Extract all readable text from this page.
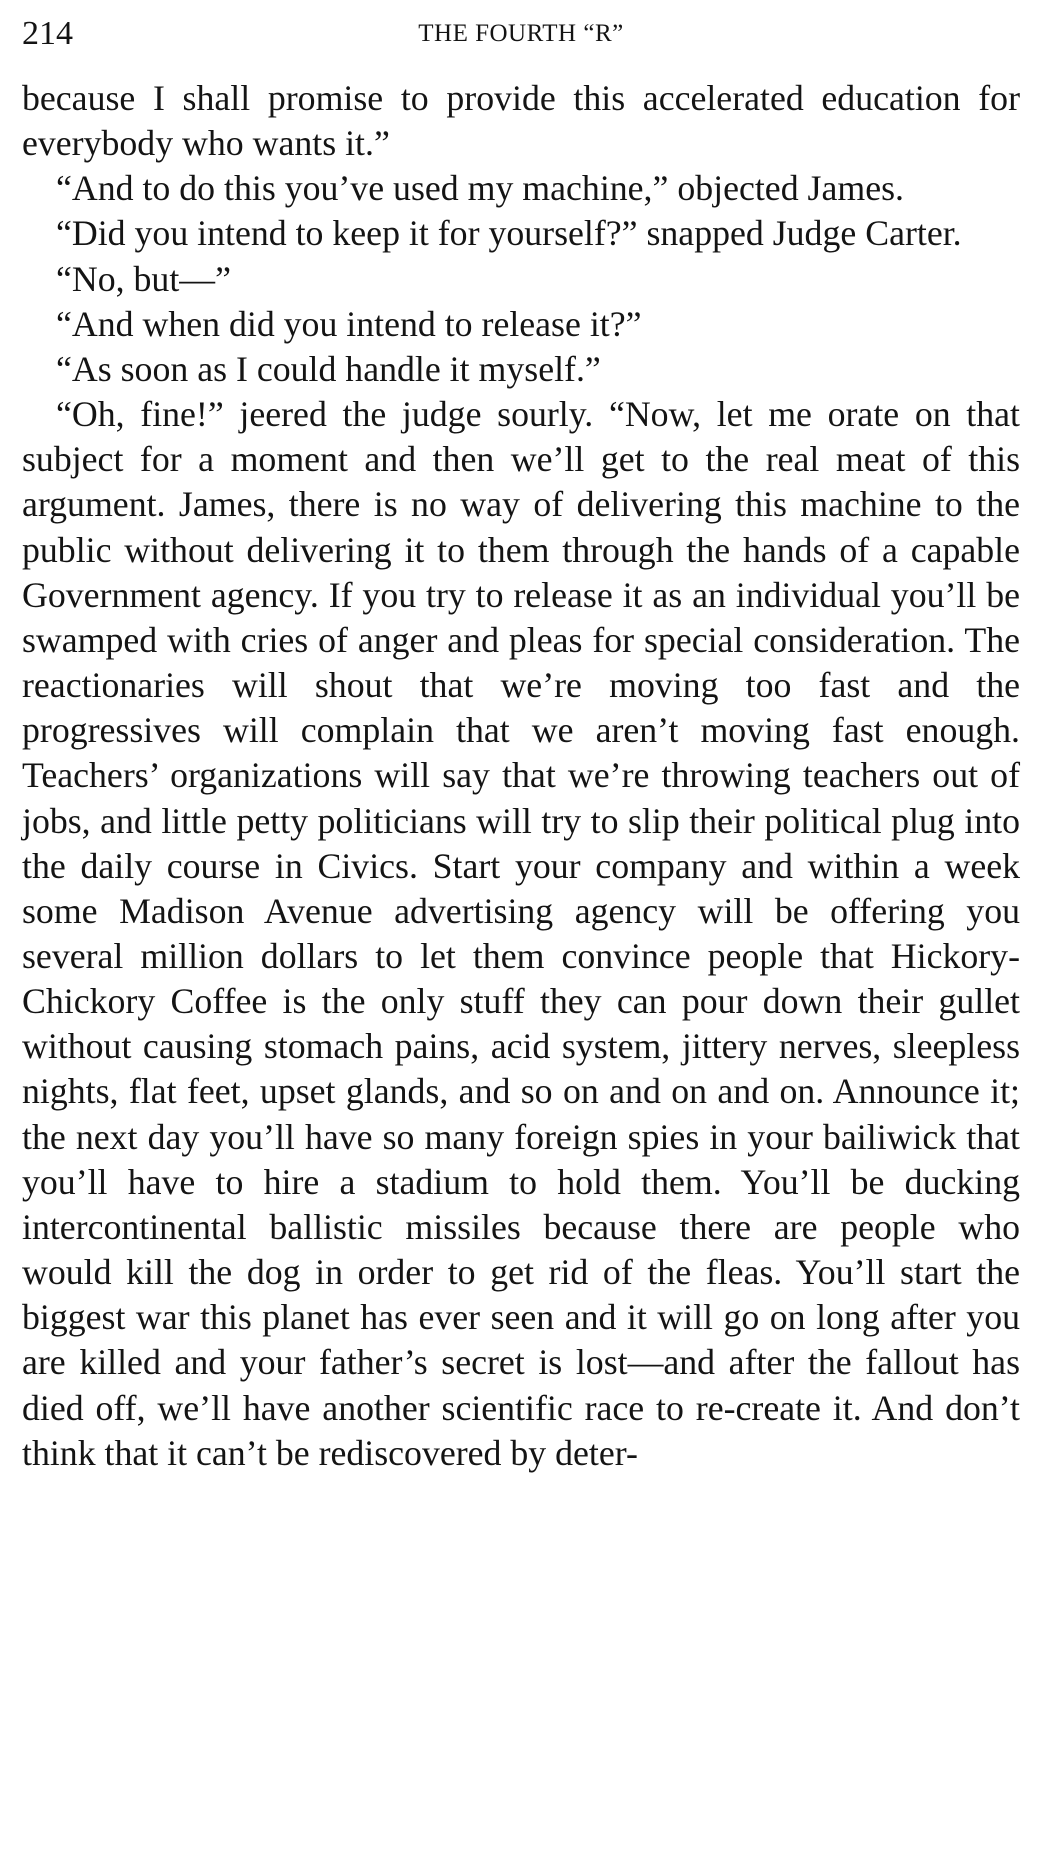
214	THE FOURTH “R”

because I shall promise to provide this accelerated education for everybody who wants it.”

“And to do this you’ve used my machine,” objected James.

“Did you intend to keep it for yourself?” snapped Judge Carter.

“No, but—”

“And when did you intend to release it?”

“As soon as I could handle it myself.”

“Oh, fine!” jeered the judge sourly. “Now, let me orate on that subject for a moment and then we’ll get to the real meat of this argument. James, there is no way of delivering this machine to the public without delivering it to them through the hands of a capable Government agency. If you try to release it as an individual you’ll be swamped with cries of anger and pleas for special consideration. The reactionaries will shout that we’re moving too fast and the progressives will complain that we aren’t moving fast enough. Teachers’ organizations will say that we’re throwing teachers out of jobs, and little petty politicians will try to slip their political plug into the daily course in Civics. Start your company and within a week some Madison Avenue advertising agency will be offering you several million dollars to let them convince people that Hickory-Chickory Coffee is the only stuff they can pour down their gullet without causing stomach pains, acid system, jittery nerves, sleepless nights, flat feet, upset glands, and so on and on and on. Announce it; the next day you’ll have so many foreign spies in your bailiwick that you’ll have to hire a stadium to hold them. You’ll be ducking intercontinental ballistic missiles because there are people who would kill the dog in order to get rid of the fleas. You’ll start the biggest war this planet has ever seen and it will go on long after you are killed and your father’s secret is lost—and after the fallout has died off, we’ll have another scientific race to re-create it. And don’t think that it can’t be rediscovered by deter-
